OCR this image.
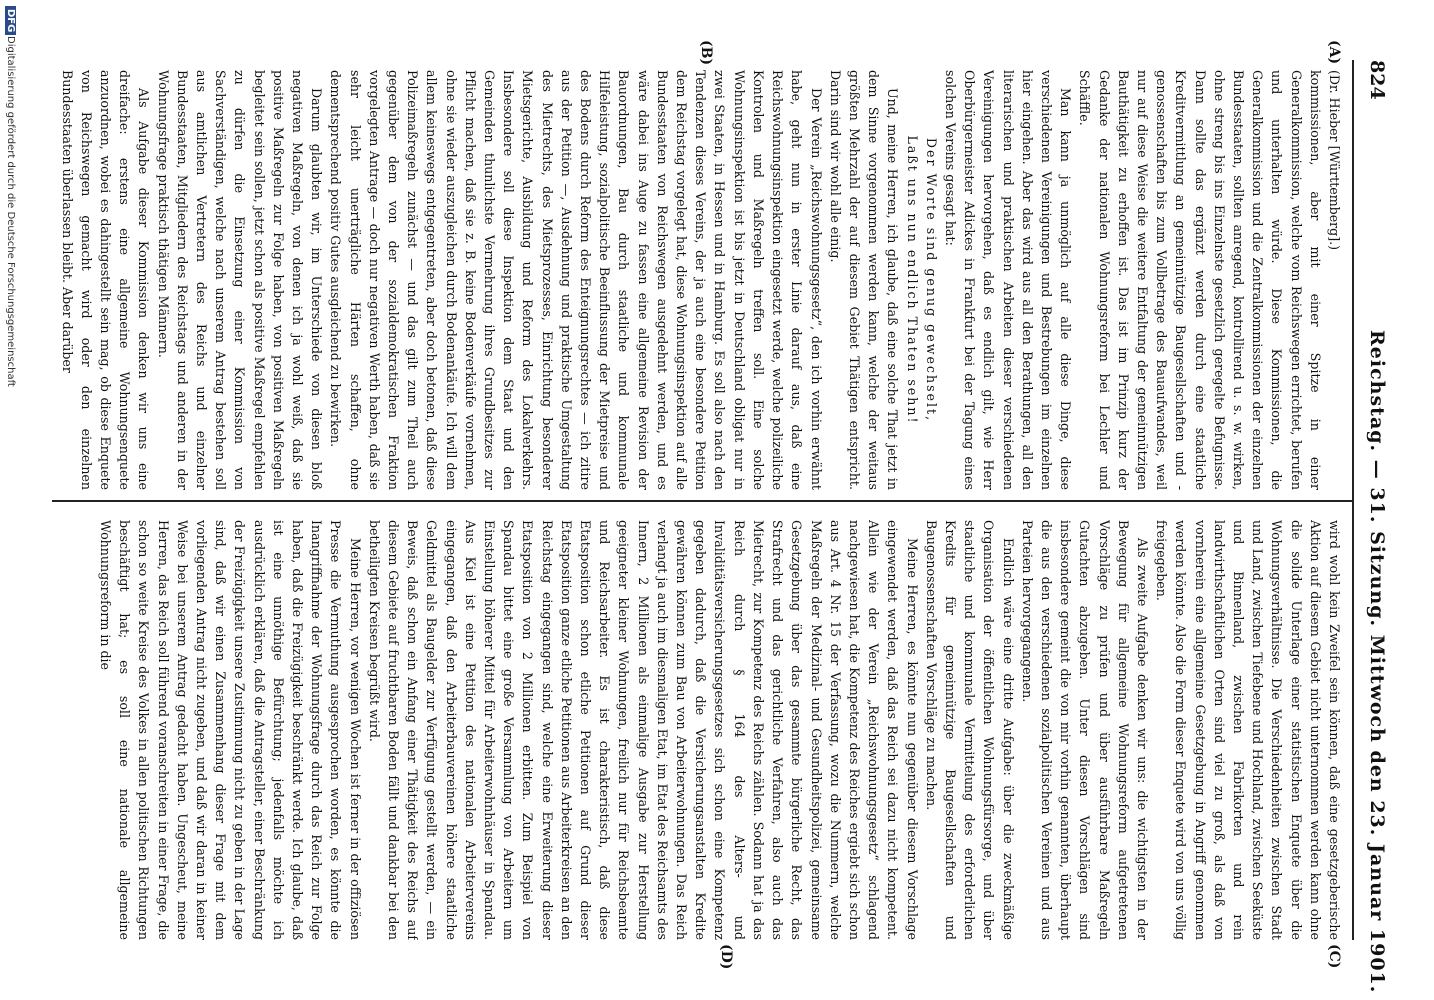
824
Reichstag. — 31. Sitzung. Mittwoch den 23. Januar 1901.
(A)
(B)
(C)
(D)

(Dr. Hieber [Württemberg].)

kommissionen, aber mit einer Spitze in einer Generalkommission, welche vom Reichswegen errichtet, berufen und unterhalten würde. Diese Kommissionen, die Generalkommission und die Zentralkommissionen der einzelnen Bundesstaaten, sollten anregend, kontrollirend u. s. w. wirken, ohne streng bis ins Einzelnste gesetzlich geregelte Befugnisse. Dann sollte das ergänzt werden durch eine staatliche Kreditvermittlung an gemeinnützige Baugesellschaften und -genossenschaften bis zum Vollbetrage des Bauaufwandes, weil nur auf diese Weise die weitere Entfaltung der gemeinnützigen Bauthätigkeit zu erhoffen ist. Das ist im Prinzip kurz der Gedanke der nationalen Wohnungsreform bei Lechler und Schäffle.

Man kann ja unmöglich auf alle diese Dinge, diese verschiedenen Vereinigungen und Bestrebungen im einzelnen hier eingehen. Aber das wird aus all den Berathungen, all den literarischen und praktischen Arbeiten dieser verschiedenen Vereinigungen hervorgehen, daß es endlich gilt, wie Herr Oberbürgermeister Adickes in Frankfurt bei der Tagung eines solchen Vereins gesagt hat:

Der Worte sind genug gewechselt,

Laßt uns nun endlich Thaten sehn!

Und, meine Herren, ich glaube, daß eine solche That jetzt in dem Sinne vorgenommen werden kann, welche der weitaus größten Mehrzahl der auf diesem Gebiet Thätigen entspricht. Darin sind wir wohl alle einig.

Der Verein „Reichswohnungsgesetz“, den ich vorhin erwähnt habe, geht nun in erster Linie darauf aus, daß eine Reichswohnungsinspektion eingesetzt werde, welche polizeiliche Kontrolen und Maßregeln treffen soll. Eine solche Wohnungsinspektion ist bis jetzt in Deutschland obligat nur in zwei Staaten, in Hessen und in Hamburg. Es soll also nach den Tendenzen dieses Vereins, der ja auch eine besondere Petition dem Reichstag vorgelegt hat, diese Wohnungsinspektion auf alle Bundesstaaten von Reichswegen ausgedehnt werden, und es wäre dabei ins Auge zu fassen eine allgemeine Revision der Bauordnungen, Bau durch staatliche und kommunale Hilfeleistung, sozialpolitische Beeinflussung der Mietpreise und des Bodens durch Reform des Enteignungsrechtes — ich zitire aus der Petition —, Ausdehnung und praktische Umgestaltung des Mietrechts, des Mietsprozesses, Einrichtung besonderer Mietsgerichte, Ausbildung und Reform des Lokalverkehrs. Insbesondere soll diese Inspektion dem Staat und den Gemeinden thunlichste Vermehrung ihres Grundbesitzes zur Pflicht machen, daß sie z. B. keine Bodenverkäufe vornehmen, ohne sie wieder auszugleichen durch Bodenankäufe. Ich will dem allem keineswegs entgegentreten, aber doch betonen, daß diese Polizeimaßregeln zunächst — und das gilt zum Theil auch gegenüber dem von der sozialdemokratischen Fraktion vorgelegten Antrage — doch nur negativen Werth haben, daß sie sehr leicht unerträgliche Härten schaffen, ohne dementsprechend positiv Gutes ausgleichend zu bewirken.

Darum glaubten wir, im Unterschiede von diesen bloß negativen Maßregeln, von denen ich ja wohl weiß, daß sie positive Maßregeln zur Folge haben, von positiven Maßregeln begleitet sein sollen, jetzt schon als positive Maßregel empfehlen zu dürfen die Einsetzung einer Kommission von Sachverständigen, welche nach unserem Antrag bestehen soll aus amtlichen Vertretern des Reichs und einzelner Bundesstaaten, Mitgliedern des Reichstags und anderen in der Wohnungsfrage praktisch thätigen Männern.

Als Aufgabe dieser Kommission denken wir uns eine dreifache: erstens eine allgemeine Wohnungsenquete anzuordnen, wobei es dahingestellt sein mag, ob diese Enquete von Reichswegen gemacht wird oder den einzelnen Bundesstaaten überlassen bleibt. Aber darüber

wird wohl kein Zweifel sein können, daß eine gesetzgeberische Aktion auf diesem Gebiet nicht unternommen werden kann ohne die solide Unterlage einer statistischen Enquete über die Wohnungsverhältnisse. Die Verschiedenheiten zwischen Stadt und Land, zwischen Tiefebene und Hochland, zwischen Seeküste und Binnenland, zwischen Fabrikorten und rein landwirthschaftlichen Orten sind viel zu groß, als daß von vornherein eine allgemeine Gesetzgebung in Angriff genommen werden könnte. Also die Form dieser Enquete wird von uns völlig freigegeben.

Als zweite Aufgabe denken wir uns: die wichtigsten in der Bewegung für allgemeine Wohnungsreform aufgetretenen Vorschläge zu prüfen und über ausführbare Maßregeln Gutachten abzugeben. Unter diesen Vorschlägen sind insbesondere gemeint die von mir vorhin genannten, überhaupt die aus den verschiedenen sozialpolitischen Vereinen und aus Parteien hervorgegangenen.

Endlich wäre eine dritte Aufgabe: über die zweckmäßige Organisation der öffentlichen Wohnungsfürsorge, und über staatliche und kommunale Vermittelung des erforderlichen Kredits für gemeinnützige Baugesellschaften und Baugenossenschaften Vorschläge zu machen.

Meine Herren, es könnte nun gegenüber diesem Vorschlage eingewendet werden, daß das Reich sei dazu nicht kompetent. Allein wie der Verein „Reichswohnungsgesetz“ schlagend nachgewiesen hat, die Kompetenz des Reiches ergiebt sich schon aus Art. 4 Nr. 15 der Verfassung, wozu die Nummern, welche Maßregeln der Medizinal- und Gesundheitspolizei, gemeinsame Gesetzgebung über das gesammte bürgerliche Recht, das Strafrecht und das gerichtliche Verfahren, also auch das Mietrecht, zur Kompetenz des Reichs zählen. Sodann hat ja das Reich durch § 164 des Alters- und Invaliditätsversicherungsgesetzes sich schon eine Kompetenz gegeben dadurch, daß die Versicherungsanstalten Kredite gewähren können zum Bau von Arbeiterwohnungen. Das Reich verlangt ja auch im diesmaligen Etat, im Etat des Reichsamts des Innern, 2 Millionen als einmalige Ausgabe zur Herstellung geeigneter kleiner Wohnungen, freilich nur für Reichsbeamte und Reichsarbeiter. Es ist charakteristisch, daß diese Etatsposition schon etliche Petitionen auf Grund dieser Etatsposition ganze etliche Petitionen aus Arbeiterkreisen an den Reichstag eingegangen sind, welche eine Erweiterung dieser Etatsposition von 2 Millionen erbitten. Zum Beispiel von Spandau bittet eine große Versammlung von Arbeitern um Einstellung höherer Mittel für Arbeiterwohnhäuser in Spandau. Aus Kiel ist eine Petition des nationalen Arbeitervereins eingegangen, daß den Arbeiterbauvereinen höhere staatliche Geldmittel als Baugelder zur Verfügung gestellt werden, — ein Beweis, daß schon ein Anfang einer Thätigkeit des Reichs auf diesem Gebiete auf fruchtbaren Boden fällt und dankbar bei den betheiligten Kreisen begrüßt wird.

Meine Herren, vor wenigen Wochen ist ferner in der offiziösen Presse die Vermuthung ausgesprochen worden, es könnte die Inangriffnahme der Wohnungsfrage durch das Reich zur Folge haben, daß die Freizügigkeit beschränkt werde. Ich glaube, daß ist eine unnöthige Befürchtung; jedenfalls möchte ich ausdrücklich erklären, daß die Antragsteller, einer Beschränkung der Freizügigkeit unsere Zustimmung nicht zu geben in der Lage sind, daß wir einen Zusammenhang dieser Frage mit dem vorliegenden Antrag nicht zugeben, und daß wir daran in keiner Weise bei unserem Antrag gedacht haben. Ungescheut, meine Herren, das Reich soll führend voranschreiten in einer Frage, die schon so weite Kreise des Volkes in allen politischen Richtungen beschäftigt hat; es soll eine nationale allgemeine Wohnungsreform in die

DFG
Digitalisierung gefördert durch die Deutsche Forschungsgemeinschaft
